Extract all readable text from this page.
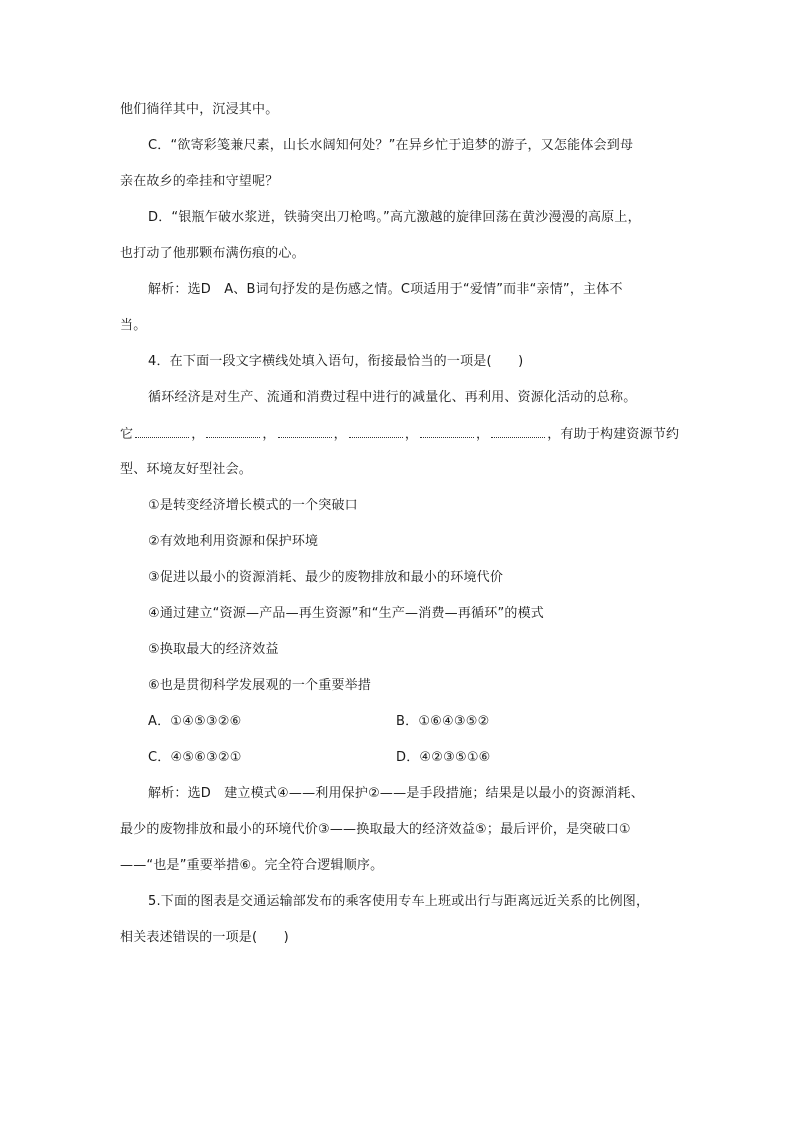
他们徜徉其中，沉浸其中。
C．“欲寄彩笺兼尺素，山长水阔知何处？”在异乡忙于追梦的游子，又怎能体会到母
亲在故乡的牵挂和守望呢？
D．“银瓶乍破水浆迸，铁骑突出刀枪鸣。”高亢激越的旋律回荡在黄沙漫漫的高原上，
也打动了他那颗布满伤痕的心。
解析：选D　A、B词句抒发的是伤感之情。C项适用于“爱情”而非“亲情”，主体不
当。
4．在下面一段文字横线处填入语句，衔接最恰当的一项是(　　)
循环经济是对生产、流通和消费过程中进行的减量化、再利用、资源化活动的总称。
它	，	，	，	，	，	，有助于构建资源节约
型、环境友好型社会。
①是转变经济增长模式的一个突破口
②有效地利用资源和保护环境
③促进以最小的资源消耗、最少的废物排放和最小的环境代价
④通过建立“资源—产品—再生资源”和“生产—消费—再循环”的模式
⑤换取最大的经济效益
⑥也是贯彻科学发展观的一个重要举措
A．①④⑤③②⑥	B．①⑥④③⑤②
C．④⑤⑥③②①	D．④②③⑤①⑥
解析：选D　建立模式④——利用保护②——是手段措施；结果是以最小的资源消耗、
最少的废物排放和最小的环境代价③——换取最大的经济效益⑤；最后评价，是突破口①
——“也是”重要举措⑥。完全符合逻辑顺序。
5.下面的图表是交通运输部发布的乘客使用专车上班或出行与距离远近关系的比例图，
相关表述错误的一项是(　　)
